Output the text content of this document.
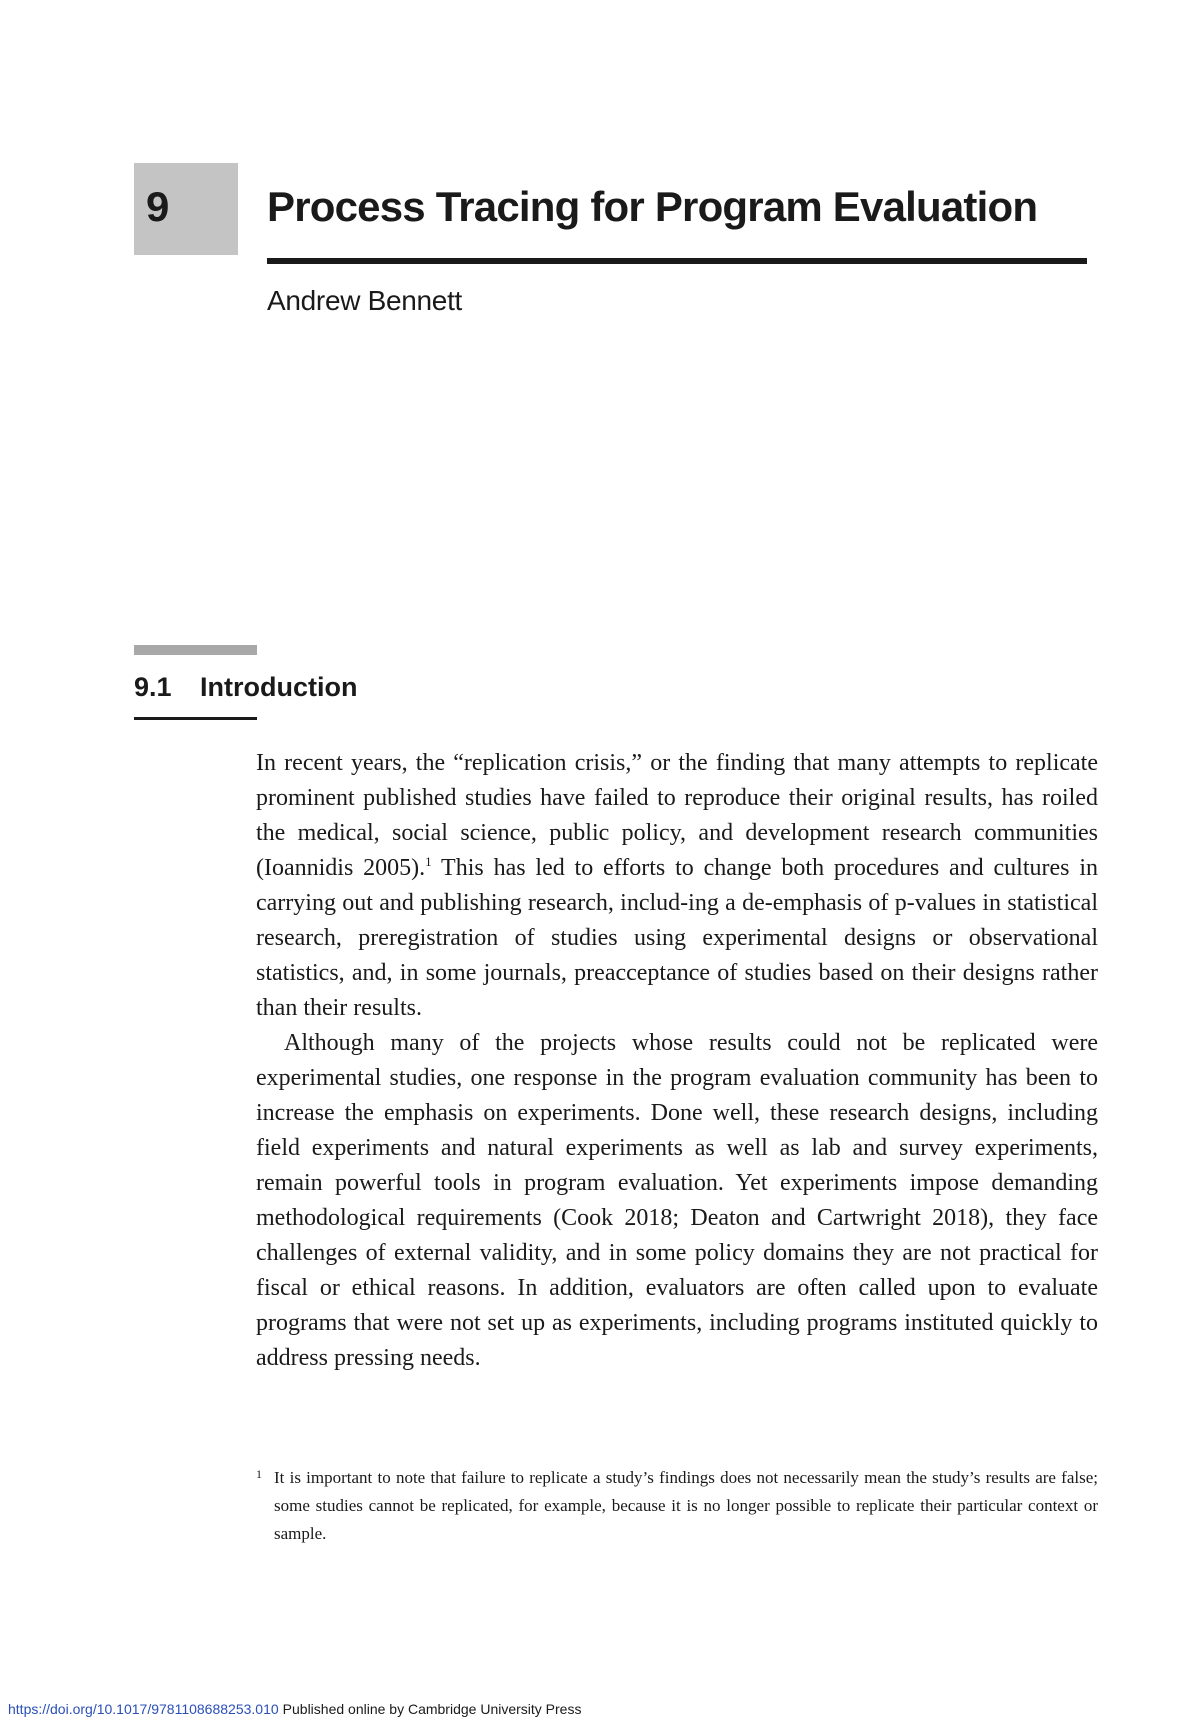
9 Process Tracing for Program Evaluation
Andrew Bennett
9.1 Introduction

In recent years, the “replication crisis,” or the finding that many attempts to replicate prominent published studies have failed to reproduce their original results, has roiled the medical, social science, public policy, and development research communities (Ioannidis 2005).$^1$ This has led to efforts to change both procedures and cultures in carrying out and publishing research, includ-ing a de-emphasis of p-values in statistical research, preregistration of studies using experimental designs or observational statistics, and, in some journals, preacceptance of studies based on their designs rather than their results.

Although many of the projects whose results could not be replicated were experimental studies, one response in the program evaluation community has been to increase the emphasis on experiments. Done well, these research designs, including field experiments and natural experiments as well as lab and survey experiments, remain powerful tools in program evaluation. Yet experiments impose demanding methodological requirements (Cook 2018; Deaton and Cartwright 2018), they face challenges of external validity, and in some policy domains they are not practical for fiscal or ethical reasons. In addition, evaluators are often called upon to evaluate programs that were not set up as experiments, including programs instituted quickly to address pressing needs.

1 It is important to note that failure to replicate a study’s findings does not necessarily mean the study’s results are false; some studies cannot be replicated, for example, because it is no longer possible to replicate their particular context or sample.
https://doi.org/10.1017/9781108688253.010 Published online by Cambridge University Press
